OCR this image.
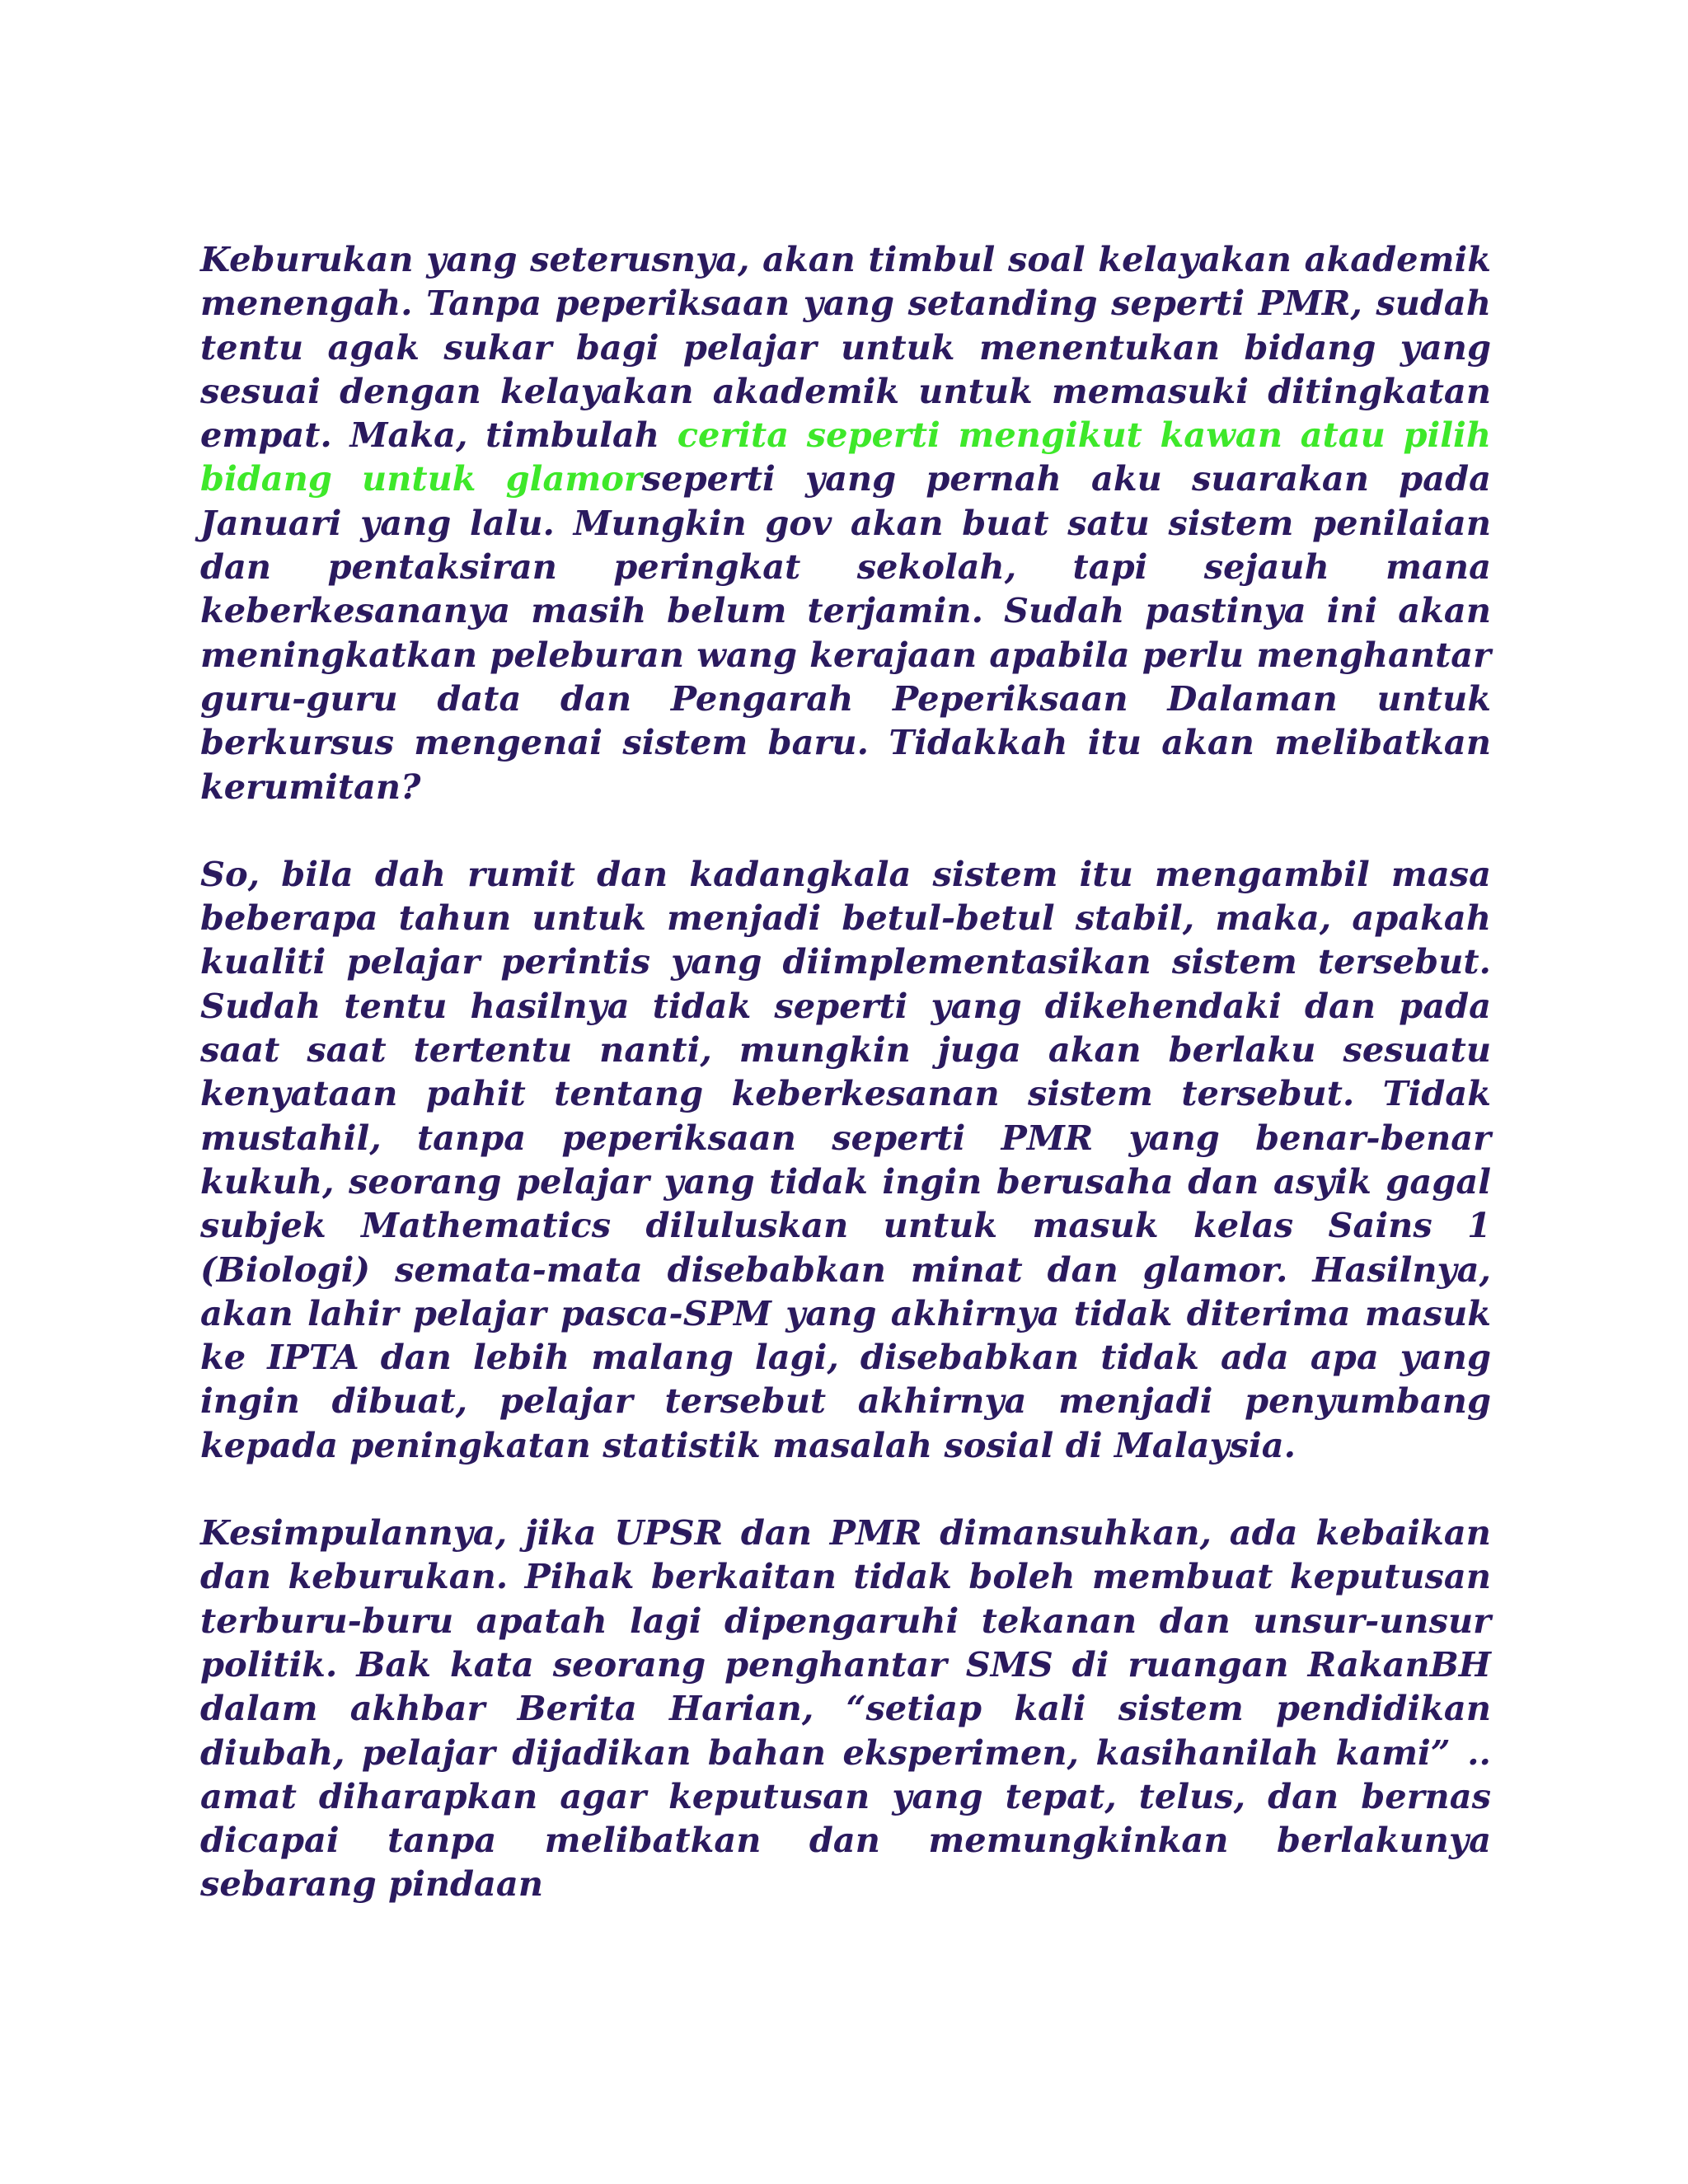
Keburukan yang seterusnya, akan timbul soal kelayakan akademik menengah. Tanpa peperiksaan yang setanding seperti PMR, sudah tentu agak sukar bagi pelajar untuk menentukan bidang yang sesuai dengan kelayakan akademik untuk memasuki ditingkatan empat. Maka, timbulah cerita seperti mengikut kawan atau pilih bidang untuk glamorseperti yang pernah aku suarakan pada Januari yang lalu. Mungkin gov akan buat satu sistem penilaian dan pentaksiran peringkat sekolah, tapi sejauh mana keberkesananya masih belum terjamin. Sudah pastinya ini akan meningkatkan peleburan wang kerajaan apabila perlu menghantar guru-guru data dan Pengarah Peperiksaan Dalaman untuk berkursus mengenai sistem baru. Tidakkah itu akan melibatkan kerumitan?

So, bila dah rumit dan kadangkala sistem itu mengambil masa beberapa tahun untuk menjadi betul-betul stabil, maka, apakah kualiti pelajar perintis yang diimplementasikan sistem tersebut. Sudah tentu hasilnya tidak seperti yang dikehendaki dan pada saat saat tertentu nanti, mungkin juga akan berlaku sesuatu kenyataan pahit tentang keberkesanan sistem tersebut. Tidak mustahil, tanpa peperiksaan seperti PMR yang benar-benar kukuh, seorang pelajar yang tidak ingin berusaha dan asyik gagal subjek Mathematics diluluskan untuk masuk kelas Sains 1 (Biologi) semata-mata disebabkan minat dan glamor. Hasilnya, akan lahir pelajar pasca-SPM yang akhirnya tidak diterima masuk ke IPTA dan lebih malang lagi, disebabkan tidak ada apa yang ingin dibuat, pelajar tersebut akhirnya menjadi penyumbang kepada peningkatan statistik masalah sosial di Malaysia.

Kesimpulannya, jika UPSR dan PMR dimansuhkan, ada kebaikan dan keburukan. Pihak berkaitan tidak boleh membuat keputusan terburu-buru apatah lagi dipengaruhi tekanan dan unsur-unsur politik. Bak kata seorang penghantar SMS di ruangan RakanBH dalam akhbar Berita Harian, “setiap kali sistem pendidikan diubah, pelajar dijadikan bahan eksperimen, kasihanilah kami” .. amat diharapkan agar keputusan yang tepat, telus, dan bernas dicapai tanpa melibatkan dan memungkinkan berlakunya sebarang pindaan
